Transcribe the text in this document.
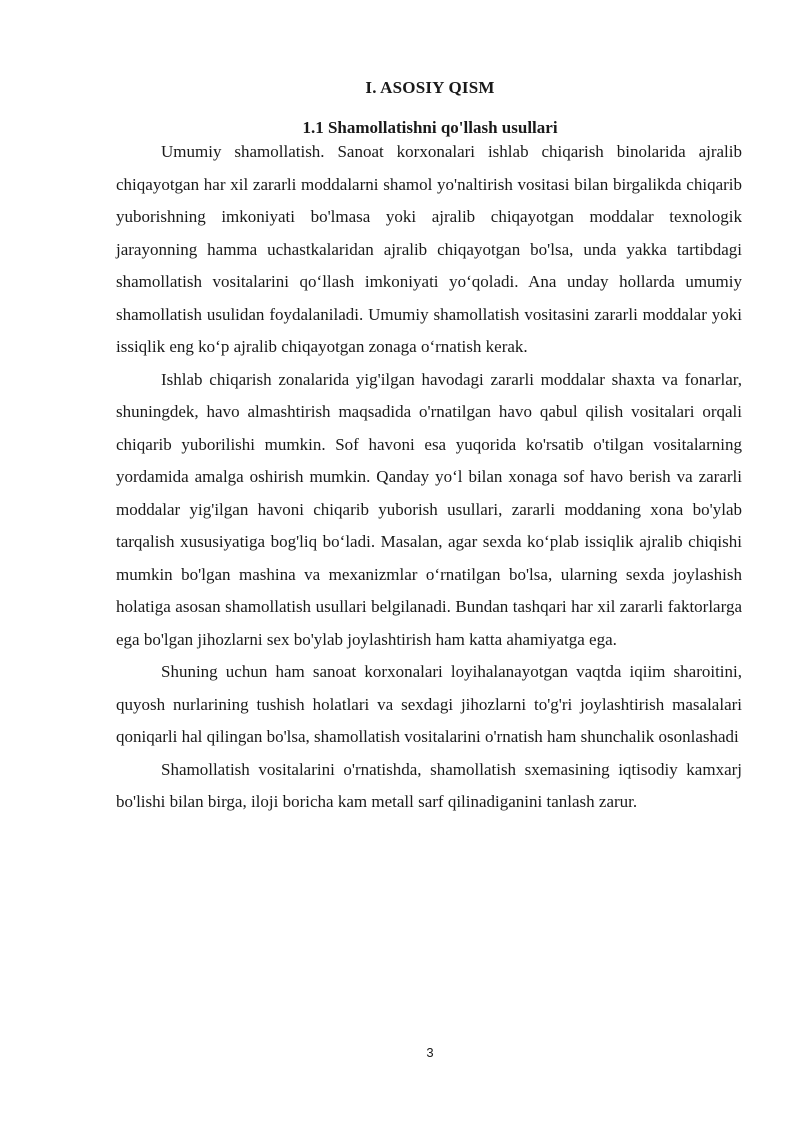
I. ASOSIY QISM
1.1 Shamollatishni qo'llash usullari

Umumiy shamollatish. Sanoat korxonalari ishlab chiqarish binolarida ajralib chiqayotgan har xil zararli moddalarni shamol yo'naltirish vositasi bilan birgalikda chiqarib yuborishning imkoniyati bo'lmasa yoki ajralib chiqayotgan moddalar texnologik jarayonning hamma uchastkalaridan ajralib chiqayotgan bo'lsa, unda yakka tartibdagi shamollatish vositalarini qo‘llash imkoniyati yo‘qoladi. Ana unday hollarda umumiy shamollatish usulidan foydalaniladi. Umumiy shamollatish vositasini zararli moddalar yoki issiqlik eng ko‘p ajralib chiqayotgan zonaga o‘rnatish kerak.

Ishlab chiqarish zonalarida yig'ilgan havodagi zararli moddalar shaxta va fonarlar, shuningdek, havo almashtirish maqsadida o'rnatilgan havo qabul qilish vositalari orqali chiqarib yuborilishi mumkin. Sof havoni esa yuqorida ko'rsatib o'tilgan vositalarning yordamida amalga oshirish mumkin. Qanday yo‘l bilan xonaga sof havo berish va zararli moddalar yig'ilgan havoni chiqarib yuborish usullari, zararli moddaning xona bo'ylab tarqalish xususiyatiga bog'liq bo‘ladi. Masalan, agar sexda ko‘plab issiqlik ajralib chiqishi mumkin bo'lgan mashina va mexanizmlar o‘rnatilgan bo'lsa, ularning sexda joylashish holatiga asosan shamollatish usullari belgilanadi. Bundan tashqari har xil zararli faktorlarga ega bo'lgan jihozlarni sex bo'ylab joylashtirish ham katta ahamiyatga ega.

Shuning uchun ham sanoat korxonalari loyihalanayotgan vaqtda iqiim sharoitini, quyosh nurlarining tushish holatlari va sexdagi jihozlarni to'g'ri joylashtirish masalalari qoniqarli hal qilingan bo'lsa, shamollatish vositalarini o'rnatish ham shunchalik osonlashadi

Shamollatish vositalarini o'rnatishda, shamollatish sxemasining iqtisodiy kamxarj bo'lishi bilan birga, iloji boricha kam metall sarf qilinadiganini tanlash zarur.

3
